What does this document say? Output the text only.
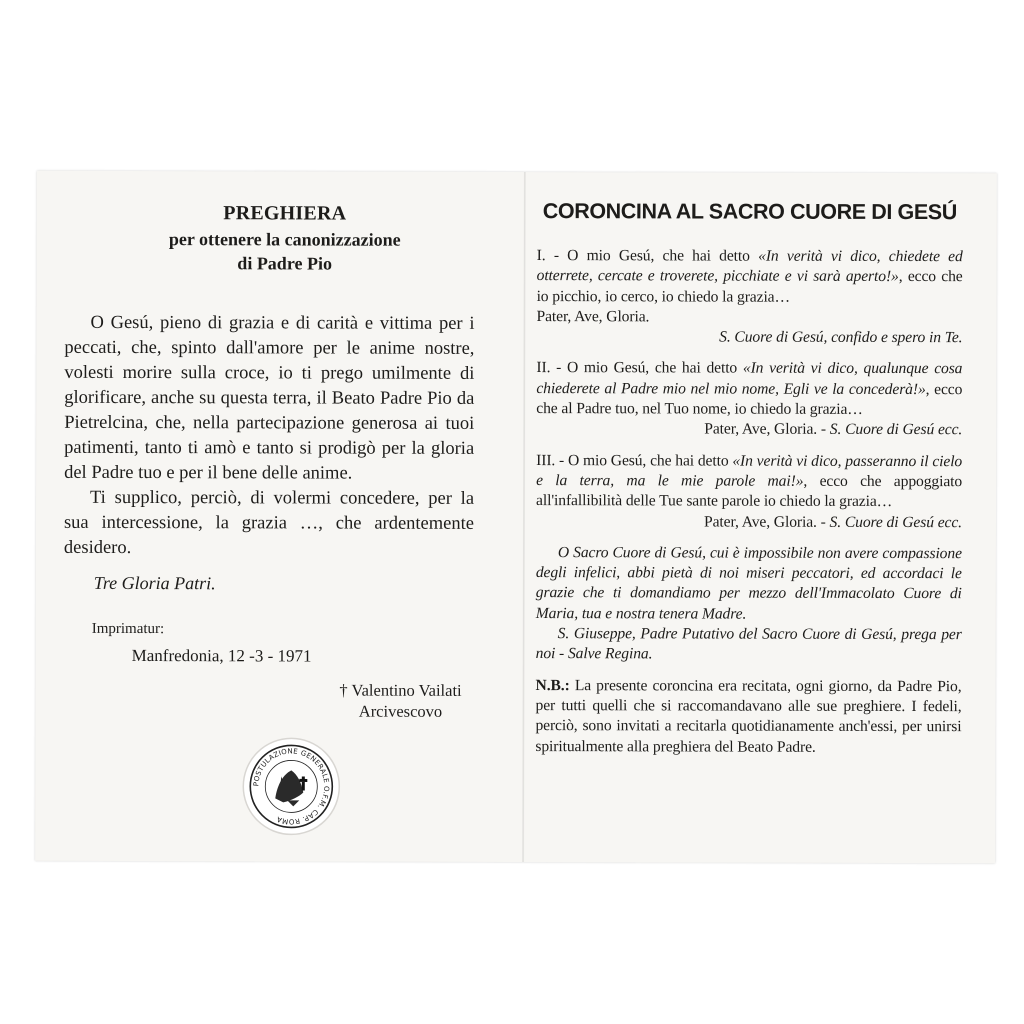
PREGHIERA
per ottenere la canonizzazione
di Padre Pio

O Gesú, pieno di grazia e di carità e vittima per i peccati, che, spinto dall'amore per le anime nostre, volesti morire sulla croce, io ti prego umilmente di glorificare, anche su questa terra, il Beato Padre Pio da Pietrelcina, che, nella partecipazione generosa ai tuoi patimenti, tanto ti amò e tanto si prodigò per la gloria del Padre tuo e per il bene delle anime.

Ti supplico, perciò, di volermi concedere, per la sua intercessione, la grazia …, che ardentemente desidero.

Tre Gloria Patri.
Imprimatur:
Manfredonia, 12 -3 - 1971
† Valentino Vailati
Arcivescovo
POSTULAZIONE GENERALE O.F.M. CAP. ROMA
CORONCINA AL SACRO CUORE DI GESÚ

I. - O mio Gesú, che hai detto «In verità vi dico, chiedete ed otterrete, cercate e troverete, picchiate e vi sarà aperto!», ecco che io picchio, io cerco, io chiedo la grazia…

Pater, Ave, Gloria.

S. Cuore di Gesú, confido e spero in Te.

II. - O mio Gesú, che hai detto «In verità vi dico, qualunque cosa chiederete al Padre mio nel mio nome, Egli ve la concederà!», ecco che al Padre tuo, nel Tuo nome, io chiedo la grazia…

Pater, Ave, Gloria. - S. Cuore di Gesú ecc.

III. - O mio Gesú, che hai detto «In verità vi dico, passeranno il cielo e la terra, ma le mie parole mai!», ecco che appoggiato all'infallibilità delle Tue sante parole io chiedo la grazia…

Pater, Ave, Gloria. - S. Cuore di Gesú ecc.

O Sacro Cuore di Gesú, cui è impossibile non avere compassione degli infelici, abbi pietà di noi miseri peccatori, ed accordaci le grazie che ti domandiamo per mezzo dell'Immacolato Cuore di Maria, tua e nostra tenera Madre.

S. Giuseppe, Padre Putativo del Sacro Cuore di Gesú, prega per noi - Salve Regina.

N.B.: La presente coroncina era recitata, ogni giorno, da Padre Pio, per tutti quelli che si raccomandavano alle sue preghiere. I fedeli, perciò, sono invitati a recitarla quotidianamente anch'essi, per unirsi spiritualmente alla preghiera del Beato Padre.
